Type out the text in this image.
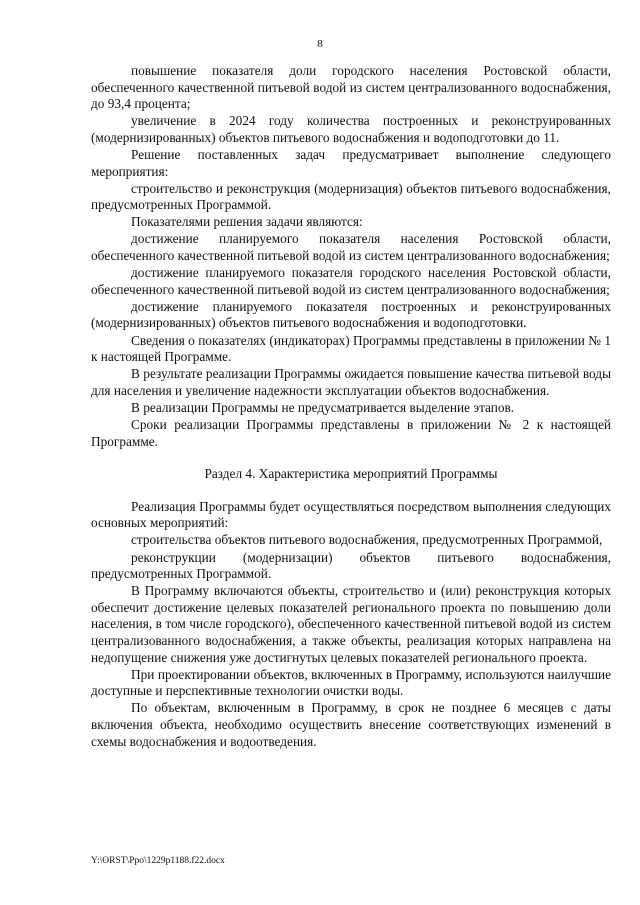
8

повышение показателя доли городского населения Ростовской области, обеспеченного качественной питьевой водой из систем централизованного водоснабжения, до 93,4 процента;

увеличение в 2024 году количества построенных и реконструированных (модернизированных) объектов питьевого водоснабжения и водоподготовки до 11.

Решение поставленных задач предусматривает выполнение следующего мероприятия:

строительство и реконструкция (модернизация) объектов питьевого водоснабжения, предусмотренных Программой.

Показателями решения задачи являются:

достижение планируемого показателя населения Ростовской области, обеспеченного качественной питьевой водой из систем централизованного водоснабжения;

достижение планируемого показателя городского населения Ростовской области, обеспеченного качественной питьевой водой из систем централизованного водоснабжения;

достижение планируемого показателя построенных и реконструированных (модернизированных) объектов питьевого водоснабжения и водоподготовки.

Сведения о показателях (индикаторах) Программы представлены в приложении № 1 к настоящей Программе.

В результате реализации Программы ожидается повышение качества питьевой воды для населения и увеличение надежности эксплуатации объектов водоснабжения.

В реализации Программы не предусматривается выделение этапов.

Сроки реализации Программы представлены в приложении № 2 к настоящей Программе.

Раздел 4. Характеристика мероприятий Программы

Реализация Программы будет осуществляться посредством выполнения следующих основных мероприятий:

строительства объектов питьевого водоснабжения, предусмотренных Программой,

реконструкции (модернизации) объектов питьевого водоснабжения, предусмотренных Программой.

В Программу включаются объекты, строительство и (или) реконструкция которых обеспечит достижение целевых показателей регионального проекта по повышению доли населения, в том числе городского), обеспеченного качественной питьевой водой из систем централизованного водоснабжения, а также объекты, реализация которых направлена на недопущение снижения уже достигнутых целевых показателей регионального проекта.

При проектировании объектов, включенных в Программу, используются наилучшие доступные и перспективные технологии очистки воды.

По объектам, включенным в Программу, в срок не позднее 6 месяцев с даты включения объекта, необходимо осуществить внесение соответствующих изменений в схемы водоснабжения и водоотведения.

Y:\ORST\Ppo\1229p1188.f22.docx
